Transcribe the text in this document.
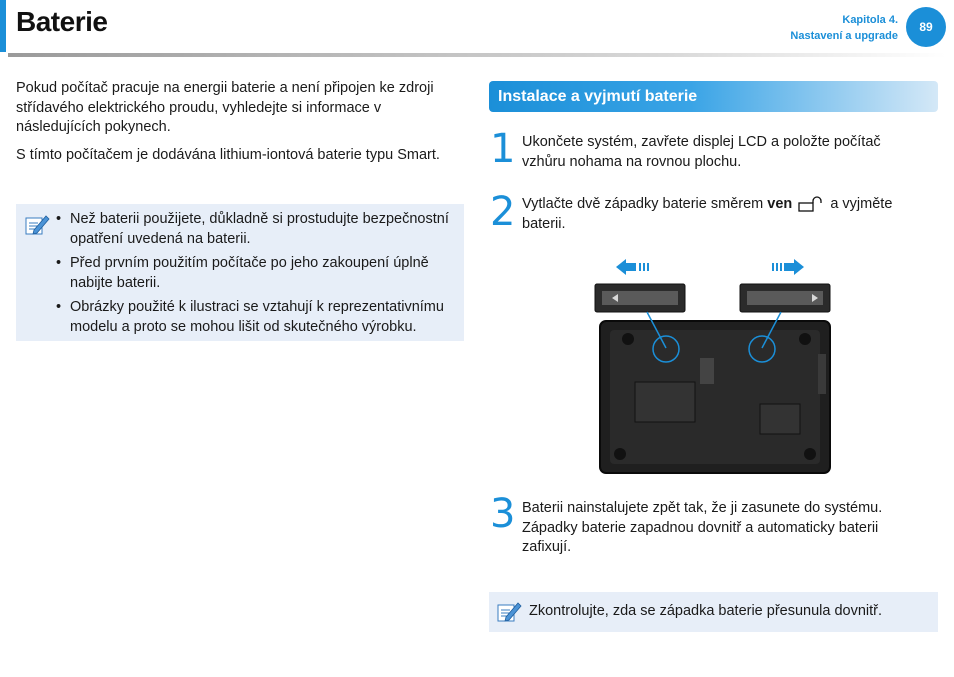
Baterie	Kapitola 4.
Nastavení a upgrade
89

Pokud počítač pracuje na energii baterie a není připojen ke zdroji střídavého elektrického proudu, vyhledejte si informace v následujících pokynech.

S tímto počítačem je dodávána lithium-iontová baterie typu Smart.

• Než baterii použijete, důkladně si prostudujte bezpečnostní opatření uvedená na baterii.
• Před prvním použitím počítače po jeho zakoupení úplně nabijte baterii.
• Obrázky použité k ilustraci se vztahují k reprezentativnímu modelu a proto se mohou lišit od skutečného výrobku.
Instalace a vyjmutí baterie
1 Ukončete systém, zavřete displej LCD a položte počítač vzhůru nohama na rovnou plochu.
2 Vytlačte dvě západky baterie směrem ven	a vyjměte baterii.
3 Baterii nainstalujete zpět tak, že ji zasunete do systému. Západky baterie zapadnou dovnitř a automaticky baterii zafixují.
Zkontrolujte, zda se západka baterie přesunula dovnitř.
